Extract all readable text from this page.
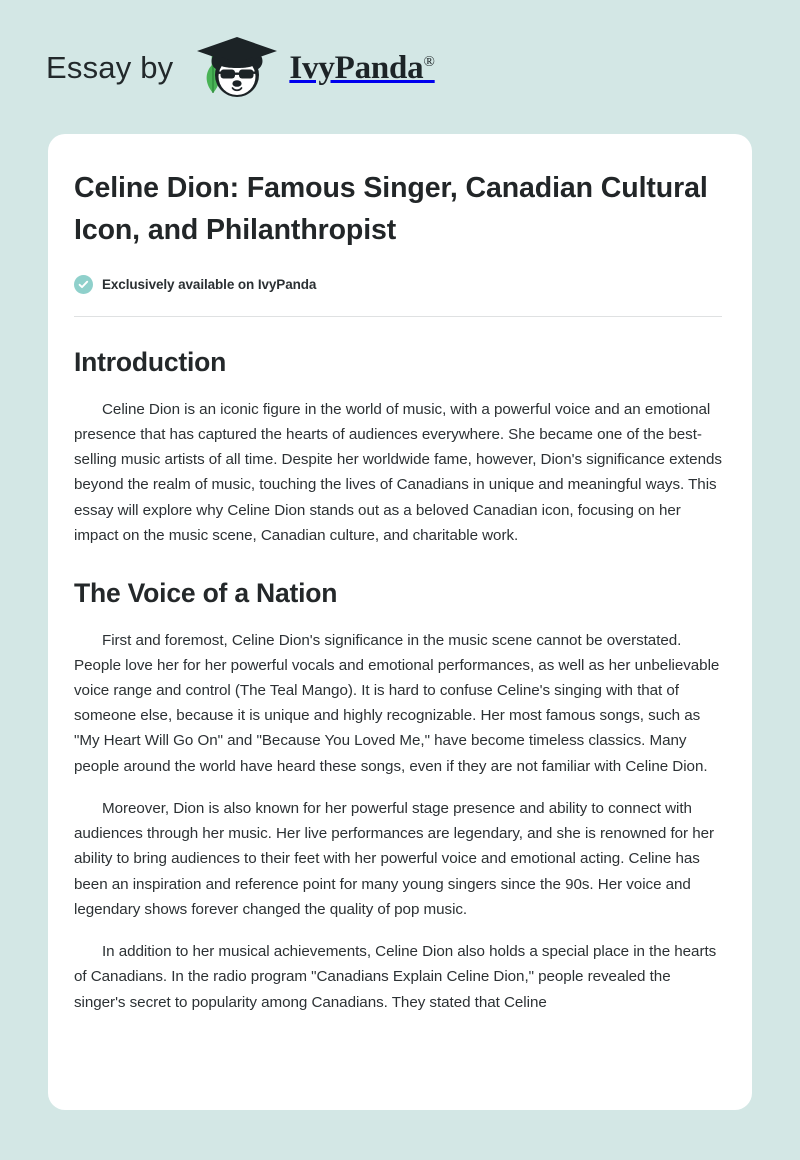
Essay by	IvyPanda®
Celine Dion: Famous Singer, Canadian Cultural Icon, and Philanthropist
Exclusively available on IvyPanda
Introduction

Celine Dion is an iconic figure in the world of music, with a powerful voice and an emotional presence that has captured the hearts of audiences everywhere. She became one of the best-selling music artists of all time. Despite her worldwide fame, however, Dion's significance extends beyond the realm of music, touching the lives of Canadians in unique and meaningful ways. This essay will explore why Celine Dion stands out as a beloved Canadian icon, focusing on her impact on the music scene, Canadian culture, and charitable work.

The Voice of a Nation

First and foremost, Celine Dion's significance in the music scene cannot be overstated. People love her for her powerful vocals and emotional performances, as well as her unbelievable voice range and control (The Teal Mango). It is hard to confuse Celine's singing with that of someone else, because it is unique and highly recognizable. Her most famous songs, such as "My Heart Will Go On" and "Because You Loved Me," have become timeless classics. Many people around the world have heard these songs, even if they are not familiar with Celine Dion.

Moreover, Dion is also known for her powerful stage presence and ability to connect with audiences through her music. Her live performances are legendary, and she is renowned for her ability to bring audiences to their feet with her powerful voice and emotional acting. Celine has been an inspiration and reference point for many young singers since the 90s. Her voice and legendary shows forever changed the quality of pop music.

In addition to her musical achievements, Celine Dion also holds a special place in the hearts of Canadians. In the radio program "Canadians Explain Celine Dion," people revealed the singer's secret to popularity among Canadians. They stated that Celine
